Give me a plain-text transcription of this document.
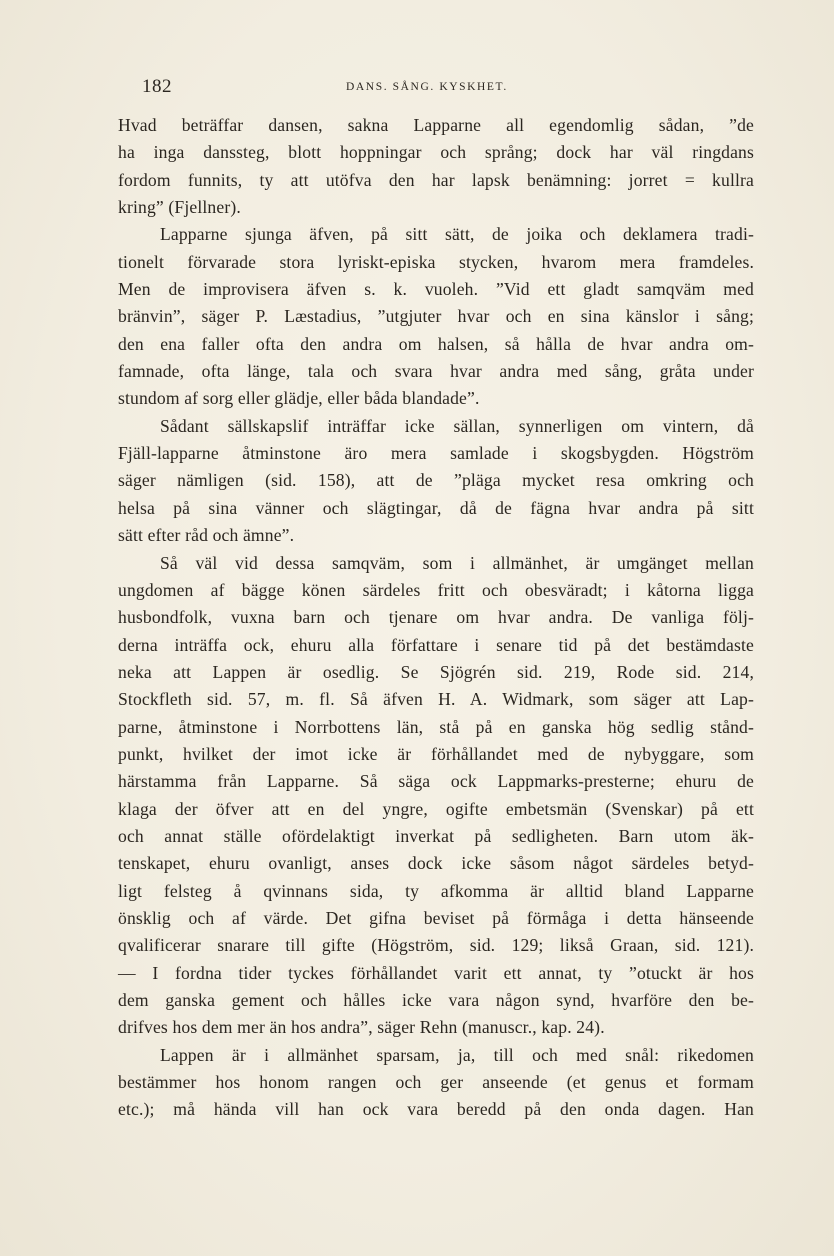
182	DANS. SÅNG. KYSKHET.
Hvad beträffar dansen, sakna Lapparne all egendomlig sådan, ”de
ha inga danssteg, blott hoppningar och språng; dock har väl ringdans
fordom funnits, ty att utöfva den har lapsk benämning: jorret = kullra
kring” (Fjellner).
Lapparne sjunga äfven, på sitt sätt, de joika och deklamera tradi-
tionelt förvarade stora lyriskt-episka stycken, hvarom mera framdeles.
Men de improvisera äfven s. k. vuoleh. ”Vid ett gladt samqväm med
bränvin”, säger P. Læstadius, ”utgjuter hvar och en sina känslor i sång;
den ena faller ofta den andra om halsen, så hålla de hvar andra om-
famnade, ofta länge, tala och svara hvar andra med sång, gråta under
stundom af sorg eller glädje, eller båda blandade”.
Sådant sällskapslif inträffar icke sällan, synnerligen om vintern, då
Fjäll-lapparne åtminstone äro mera samlade i skogsbygden. Högström
säger nämligen (sid. 158), att de ”pläga mycket resa omkring och
helsa på sina vänner och slägtingar, då de fägna hvar andra på sitt
sätt efter råd och ämne”.
Så väl vid dessa samqväm, som i allmänhet, är umgänget mellan
ungdomen af bägge könen särdeles fritt och obesväradt; i kåtorna ligga
husbondfolk, vuxna barn och tjenare om hvar andra. De vanliga följ-
derna inträffa ock, ehuru alla författare i senare tid på det bestämdaste
neka att Lappen är osedlig. Se Sjögrén sid. 219, Rode sid. 214,
Stockfleth sid. 57, m. fl. Så äfven H. A. Widmark, som säger att Lap-
parne, åtminstone i Norrbottens län, stå på en ganska hög sedlig stånd-
punkt, hvilket der imot icke är förhållandet med de nybyggare, som
härstamma från Lapparne. Så säga ock Lappmarks-presterne; ehuru de
klaga der öfver att en del yngre, ogifte embetsmän (Svenskar) på ett
och annat ställe ofördelaktigt inverkat på sedligheten. Barn utom äk-
tenskapet, ehuru ovanligt, anses dock icke såsom något särdeles betyd-
ligt felsteg å qvinnans sida, ty afkomma är alltid bland Lapparne
önsklig och af värde. Det gifna beviset på förmåga i detta hänseende
qvalificerar snarare till gifte (Högström, sid. 129; likså Graan, sid. 121).
— I fordna tider tyckes förhållandet varit ett annat, ty ”otuckt är hos
dem ganska gement och hålles icke vara någon synd, hvarföre den be-
drifves hos dem mer än hos andra”, säger Rehn (manuscr., kap. 24).
Lappen är i allmänhet sparsam, ja, till och med snål: rikedomen
bestämmer hos honom rangen och ger anseende (et genus et formam
etc.); må hända vill han ock vara beredd på den onda dagen. Han
